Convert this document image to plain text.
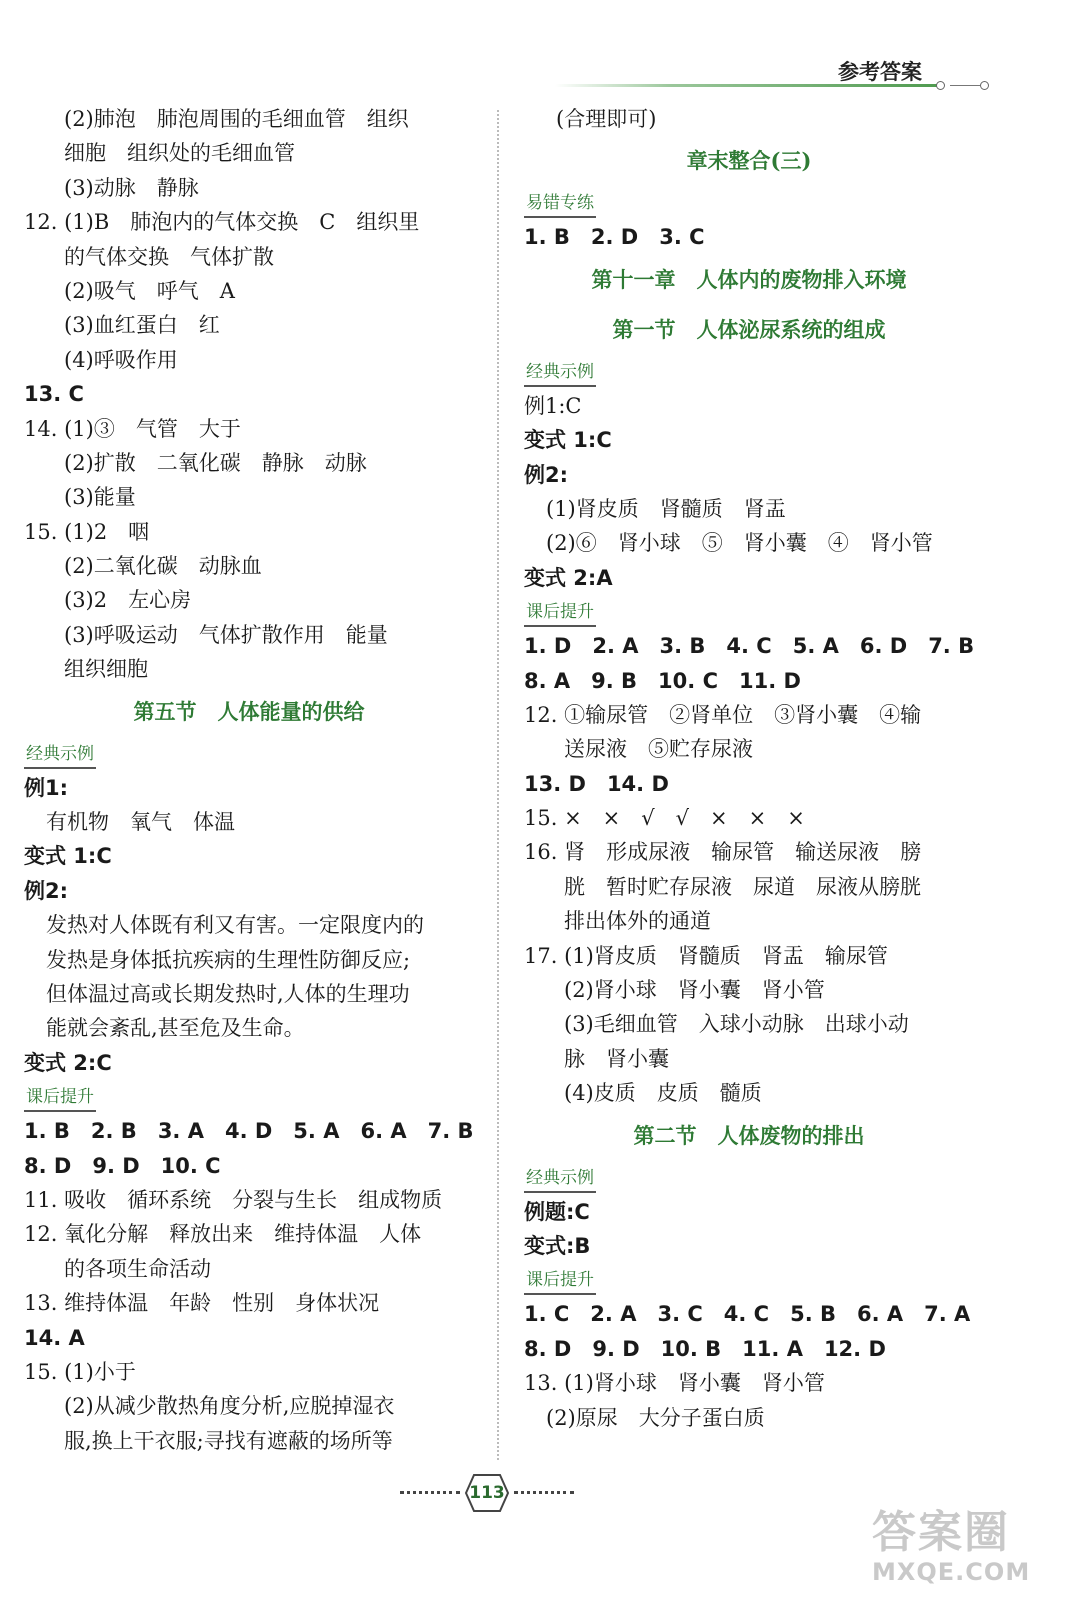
参考答案
(2)肺泡　肺泡周围的毛细血管　组织
细胞　组织处的毛细血管
(3)动脉　静脉
12. (1)B　肺泡内的气体交换　C　组织里
的气体交换　气体扩散
(2)吸气　呼气　A
(3)血红蛋白　红
(4)呼吸作用
13. C
14. (1)③　气管　大于
(2)扩散　二氧化碳　静脉　动脉
(3)能量
15. (1)2　咽
(2)二氧化碳　动脉血
(3)2　左心房
(3)呼吸运动　气体扩散作用　能量
组织细胞
第五节　人体能量的供给
经典示例
例1:
有机物　氧气　体温
变式 1:C
例2:
发热对人体既有利又有害。一定限度内的
发热是身体抵抗疾病的生理性防御反应;
但体温过高或长期发热时,人体的生理功
能就会紊乱,甚至危及生命。
变式 2:C
课后提升
1. B　2. B　3. A　4. D　5. A　6. A　7. B
8. D　9. D　10. C
11. 吸收　循环系统　分裂与生长　组成物质
12. 氧化分解　释放出来　维持体温　人体
的各项生命活动
13. 维持体温　年龄　性别　身体状况
14. A
15. (1)小于
(2)从减少散热角度分析,应脱掉湿衣
服,换上干衣服;寻找有遮蔽的场所等
(合理即可)
章末整合(三)
易错专练
1. B　2. D　3. C
第十一章　人体内的废物排入环境
第一节　人体泌尿系统的组成
经典示例
例1:C
变式 1:C
例2:
(1)肾皮质　肾髓质　肾盂
(2)⑥　肾小球　⑤　肾小囊　④　肾小管
变式 2:A
课后提升
1. D　2. A　3. B　4. C　5. A　6. D　7. B
8. A　9. B　10. C　11. D
12. ①输尿管　②肾单位　③肾小囊　④输
送尿液　⑤贮存尿液
13. D　14. D
15. ×　×　√　√　×　×　×
16. 肾　形成尿液　输尿管　输送尿液　膀
胱　暂时贮存尿液　尿道　尿液从膀胱
排出体外的通道
17. (1)肾皮质　肾髓质　肾盂　输尿管
(2)肾小球　肾小囊　肾小管
(3)毛细血管　入球小动脉　出球小动
脉　肾小囊
(4)皮质　皮质　髓质
第二节　人体废物的排出
经典示例
例题:C
变式:B
课后提升
1. C　2. A　3. C　4. C　5. B　6. A　7. A
8. D　9. D　10. B　11. A　12. D
13. (1)肾小球　肾小囊　肾小管
(2)原尿　大分子蛋白质
113
答案圈
MXQE.COM
